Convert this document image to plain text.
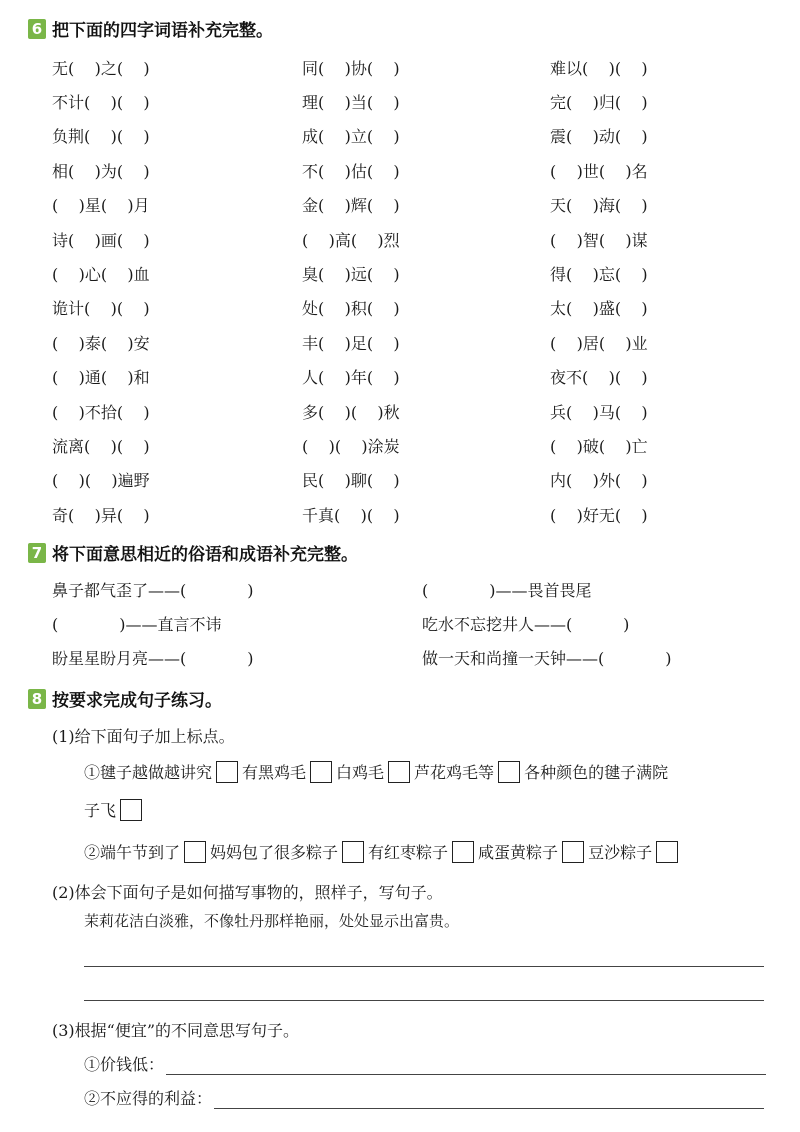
6 把下面的四字词语补充完整。
无(    )之(    )	同(    )协(    )	难以(    )(    )
不计(    )(    )	理(    )当(    )	完(    )归(    )
负荆(    )(    )	成(    )立(    )	震(    )动(    )
相(    )为(    )	不(    )估(    )	(    )世(    )名
(    )星(    )月	金(    )辉(    )	天(    )海(    )
诗(    )画(    )	(    )高(    )烈	(    )智(    )谋
(    )心(    )血	臭(    )远(    )	得(    )忘(    )
诡计(    )(    )	处(    )积(    )	太(    )盛(    )
(    )泰(    )安	丰(    )足(    )	(    )居(    )业
(    )通(    )和	人(    )年(    )	夜不(    )(    )
(    )不拾(    )	多(    )(    )秋	兵(    )马(    )
流离(    )(    )	(    )(    )涂炭	(    )破(    )亡
(    )(    )遍野	民(    )聊(    )	内(    )外(    )
奇(    )异(    )	千真(    )(    )	(    )好无(    )
7 将下面意思相近的俗语和成语补充完整。
鼻子都气歪了——(            )	(            )——畏首畏尾
(            )——直言不讳	吃水不忘挖井人——(          )
盼星星盼月亮——(            )	做一天和尚撞一天钟——(            )
8 按要求完成句子练习。
(1)给下面句子加上标点。
①毽子越做越讲究 有黑鸡毛 白鸡毛 芦花鸡毛等 各种颜色的毽子满院
子飞
②端午节到了 妈妈包了很多粽子 有红枣粽子 咸蛋黄粽子 豆沙粽子
(2)体会下面句子是如何描写事物的，照样子，写句子。
茉莉花洁白淡雅，不像牡丹那样艳丽，处处显示出富贵。
(3)根据“便宜”的不同意思写句子。
①价钱低：
②不应得的利益：
